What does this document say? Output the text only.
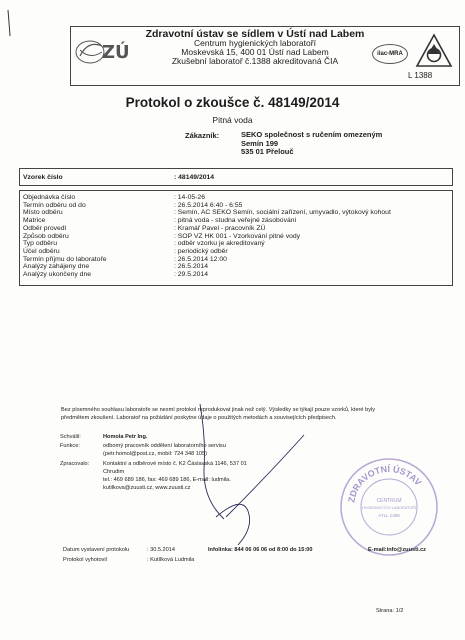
ZÚ
Zdravotní ústav se sídlem v Ústí nad Labem
Centrum hygienických laboratoří
Moskevská 15, 400 01 Ústí nad Labem
Zkušební laboratoř č.1388 akreditovaná ČIA
ilac-MRA
L 1388
Protokol o zkoušce č. 48149/2014
Pitná voda
Zákazník:	SEKO společnost s ručením omezeným
Semín 199
535 01 Přelouč
Vzorek číslo	: 48149/2014
Objednávka číslo	: 14-05-26
Termín odběru od do	: 26.5.2014 6:40 - 6:55
Místo odběru	: Semín, AC SEKO Semín, sociální zařízení, umyvadlo, výtokový kohout
Matrice	: pitná voda - studna veřejné zásobování
Odběr provedl	: Kramář Pavel - pracovník ZÚ
Způsob odběru	: SOP VZ HK 001 - Vzorkování pitné vody
Typ odběru	: odběr vzorku je akreditovaný
Účel odběru	: periodický odběr
Termín příjmu do laboratoře	: 26.5.2014 12:00
Analýzy zahájeny dne	: 26.5.2014
Analýzy ukončeny dne	: 29.5.2014
Bez písemného souhlasu laboratoře se nesmí protokol reprodukovat jinak než celý. Výsledky se týkají pouze vzorků, které byly
předmětem zkoušení. Laboratoř na požádání poskytne údaje o použitých metodách a souvisejících předpisech.
Schválil:	Homola Petr Ing.
Funkce:	odborný pracovník oddělení laboratorního servisu
(petr.homol@post.cz, mobil: 724 348 105)
Zpracovalo: Kontaktní a odběrové místo č. K2 Čáslavská 1146, 537 01
Chrudim
tel.: 469 689 186, fax: 469 689 186, E-mail: ludmila.
kutilkova@zuusti.cz, www.zuusti.cz
ZDRAVOTNÍ ÚSTAV
CENTRUM
HYGIENICKÝCH LABORATOŘÍ
ATLL 1388
Datum vystavení protokolu	: 30.5.2014
Protokol vyhotovil	: Kutílková Ludmila
Infolinka: 844 06 06 06 od 8:00 do 15:00	E-mail:info@zuusti.cz
Strana: 1/2
